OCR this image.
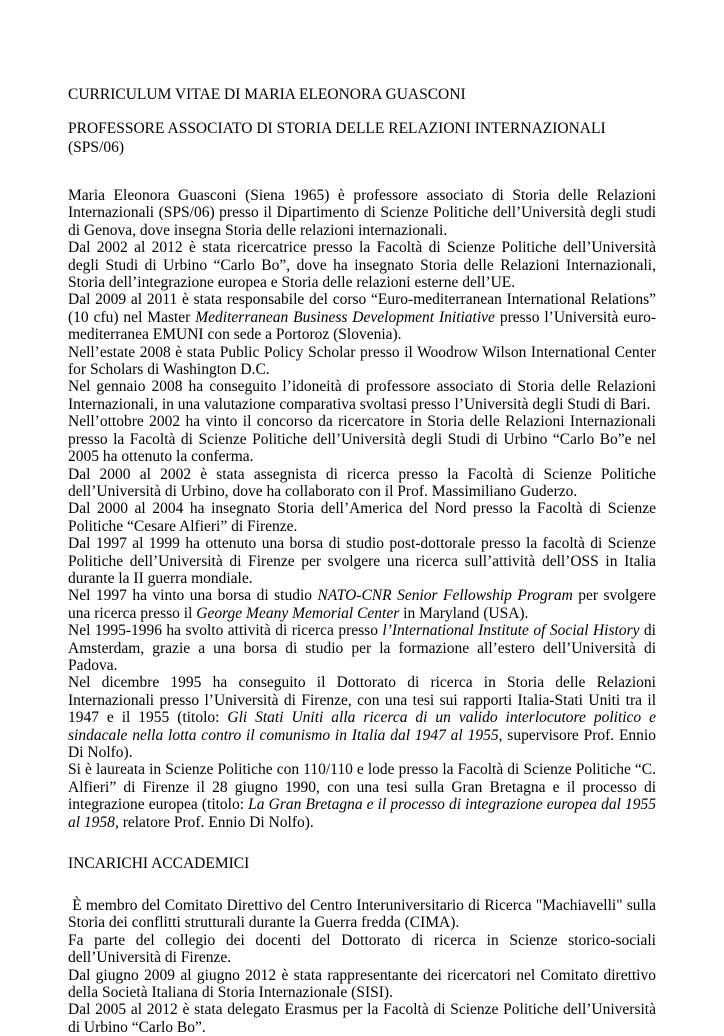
CURRICULUM VITAE DI MARIA ELEONORA GUASCONI

PROFESSORE ASSOCIATO DI STORIA DELLE RELAZIONI INTERNAZIONALI (SPS/06)

Maria Eleonora Guasconi (Siena 1965) è professore associato di Storia delle Relazioni Internazionali (SPS/06) presso il Dipartimento di Scienze Politiche dell’Università degli studi di Genova, dove insegna Storia delle relazioni internazionali.

Dal 2002 al 2012 è stata ricercatrice presso la Facoltà di Scienze Politiche dell’Università degli Studi di Urbino “Carlo Bo”, dove ha insegnato Storia delle Relazioni Internazionali, Storia dell’integrazione europea e Storia delle relazioni esterne dell’UE.

Dal 2009 al 2011 è stata responsabile del corso “Euro-mediterranean International Relations” (10 cfu) nel Master Mediterranean Business Development Initiative presso l’Università euro-mediterranea EMUNI con sede a Portoroz (Slovenia).

Nell’estate 2008 è stata Public Policy Scholar presso il Woodrow Wilson International Center for Scholars di Washington D.C.

Nel gennaio 2008 ha conseguito l’idoneità di professore associato di Storia delle Relazioni Internazionali, in una valutazione comparativa svoltasi presso l’Università degli Studi di Bari.

Nell’ottobre 2002 ha vinto il concorso da ricercatore in Storia delle Relazioni Internazionali presso la Facoltà di Scienze Politiche dell’Università degli Studi di Urbino “Carlo Bo”e nel 2005 ha ottenuto la conferma.

Dal 2000 al 2002 è stata assegnista di ricerca presso la Facoltà di Scienze Politiche dell’Università di Urbino, dove ha collaborato con il Prof. Massimiliano Guderzo.

Dal 2000 al 2004 ha insegnato Storia dell’America del Nord presso la Facoltà di Scienze Politiche “Cesare Alfieri” di Firenze.

Dal 1997 al 1999 ha ottenuto una borsa di studio post-dottorale presso la facoltà di Scienze Politiche dell’Università di Firenze per svolgere una ricerca sull’attività dell’OSS in Italia durante la II guerra mondiale.

Nel 1997 ha vinto una borsa di studio NATO-CNR Senior Fellowship Program per svolgere una ricerca presso il George Meany Memorial Center in Maryland (USA).

Nel 1995-1996 ha svolto attività di ricerca presso l’International Institute of Social History di Amsterdam, grazie a una borsa di studio per la formazione all’estero dell’Università di Padova.

Nel dicembre 1995 ha conseguito il Dottorato di ricerca in Storia delle Relazioni Internazionali presso l’Università di Firenze, con una tesi sui rapporti Italia-Stati Uniti tra il 1947 e il 1955 (titolo: Gli Stati Uniti alla ricerca di un valido interlocutore politico e sindacale nella lotta contro il comunismo in Italia dal 1947 al 1955, supervisore Prof. Ennio Di Nolfo).

Si è laureata in Scienze Politiche con 110/110 e lode presso la Facoltà di Scienze Politiche “C. Alfieri” di Firenze il 28 giugno 1990, con una tesi sulla Gran Bretagna e il processo di integrazione europea (titolo: La Gran Bretagna e il processo di integrazione europea dal 1955 al 1958, relatore Prof. Ennio Di Nolfo).

INCARICHI ACCADEMICI

È membro del Comitato Direttivo del Centro Interuniversitario di Ricerca "Machiavelli" sulla Storia dei conflitti strutturali durante la Guerra fredda (CIMA).

Fa parte del collegio dei docenti del Dottorato di ricerca in Scienze storico-sociali dell’Università di Firenze.

Dal giugno 2009 al giugno 2012 è stata rappresentante dei ricercatori nel Comitato direttivo della Società Italiana di Storia Internazionale (SISI).

Dal 2005 al 2012 è stata delegato Erasmus per la Facoltà di Scienze Politiche dell’Università di Urbino “Carlo Bo”.
